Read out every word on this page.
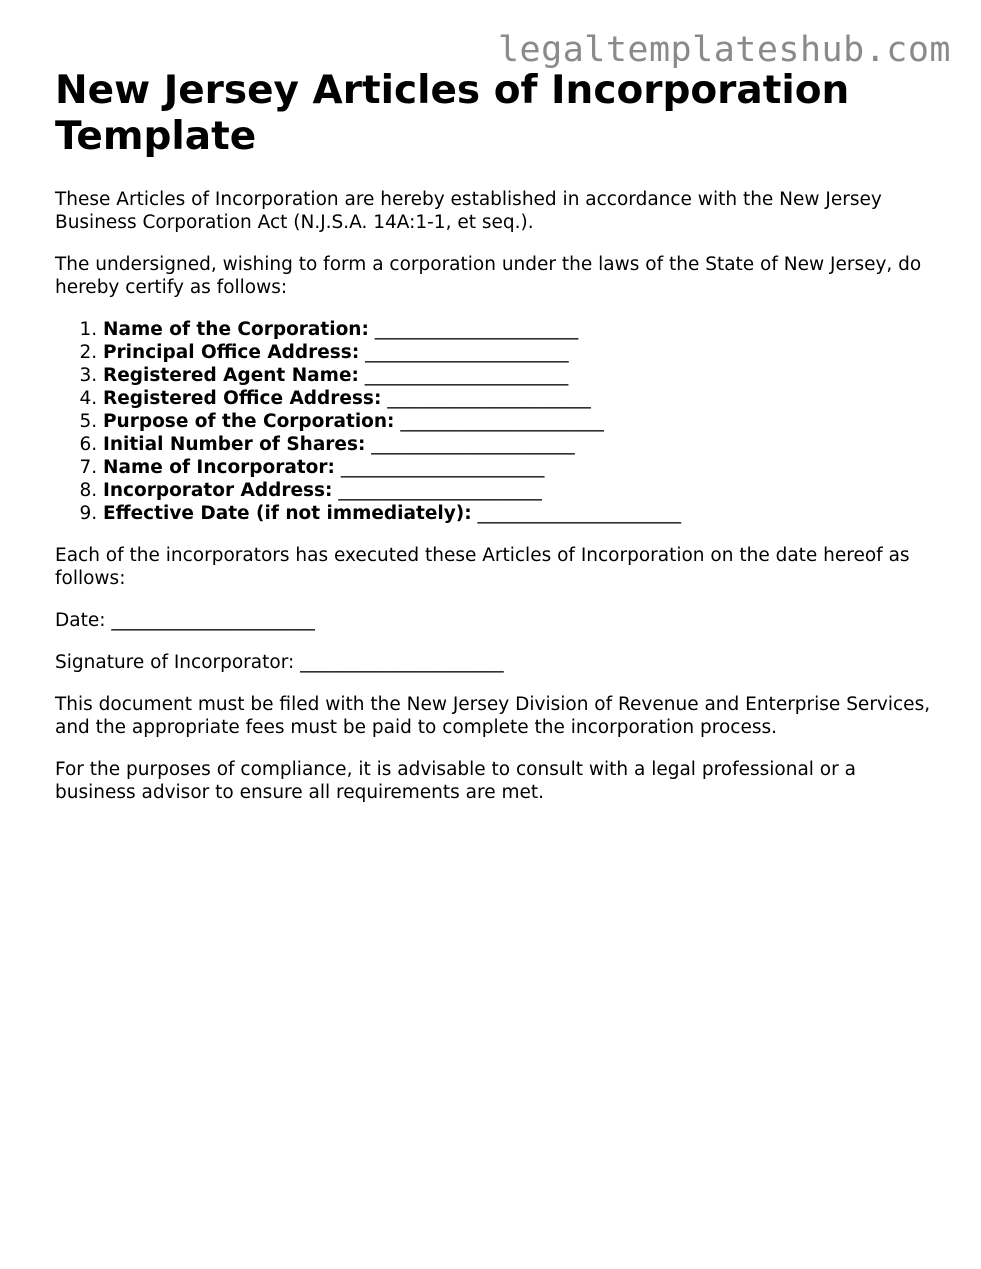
legaltemplateshub.com
New Jersey Articles of Incorporation Template

These Articles of Incorporation are hereby established in accordance with the New Jersey Business Corporation Act (N.J.S.A. 14A:1-1, et seq.).

The undersigned, wishing to form a corporation under the laws of the State of New Jersey, do hereby certify as follows:

1. Name of the Corporation: ______________________
2. Principal Office Address: ______________________
3. Registered Agent Name: ______________________
4. Registered Office Address: ______________________
5. Purpose of the Corporation: ______________________
6. Initial Number of Shares: ______________________
7. Name of Incorporator: ______________________
8. Incorporator Address: ______________________
9. Effective Date (if not immediately): ______________________

Each of the incorporators has executed these Articles of Incorporation on the date hereof as follows:

Date: ______________________

Signature of Incorporator: ______________________

This document must be filed with the New Jersey Division of Revenue and Enterprise Services, and the appropriate fees must be paid to complete the incorporation process.

For the purposes of compliance, it is advisable to consult with a legal professional or a business advisor to ensure all requirements are met.
